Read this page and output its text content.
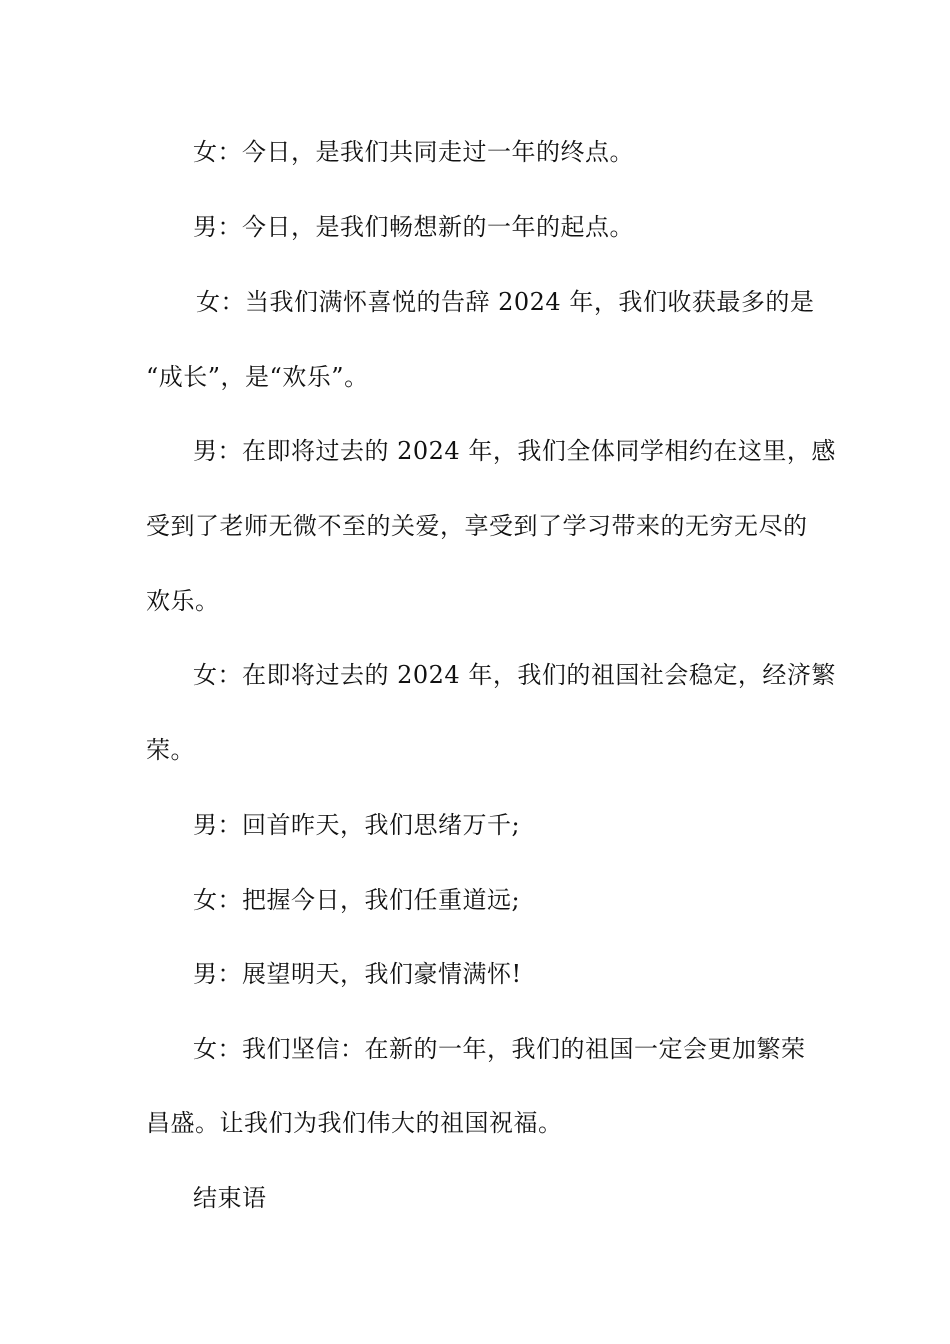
女：今日，是我们共同走过一年的终点。
男：今日，是我们畅想新的一年的起点。
女：当我们满怀喜悦的告辞 2024 年，我们收获最多的是
“成长”，是“欢乐”。
男：在即将过去的 2024 年，我们全体同学相约在这里，感
受到了老师无微不至的关爱，享受到了学习带来的无穷无尽的
欢乐。
女：在即将过去的 2024 年，我们的祖国社会稳定，经济繁
荣。
男：回首昨天，我们思绪万千;
女：把握今日，我们任重道远;
男：展望明天，我们豪情满怀!
女：我们坚信：在新的一年，我们的祖国一定会更加繁荣
昌盛。让我们为我们伟大的祖国祝福。
结束语
